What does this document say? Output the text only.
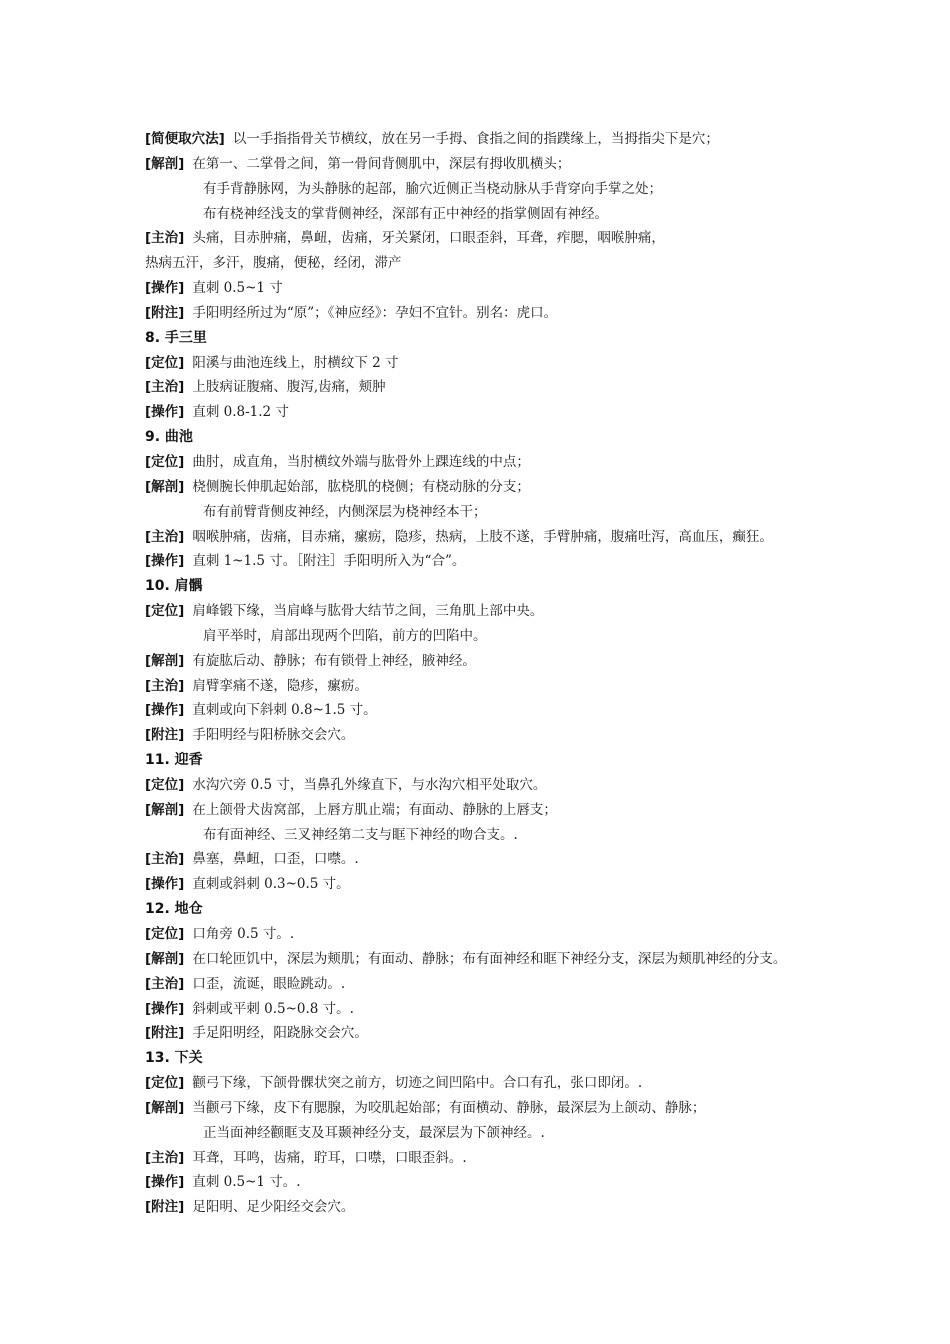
[简便取穴法] 以一手指指骨关节横纹，放在另一手拇、食指之间的指蹼缘上，当拇指尖下是穴；
[解剖] 在第一、二掌骨之间，第一骨间背侧肌中，深层有拇收肌横头；
有手背静脉网，为头静脉的起部，腧穴近侧正当桡动脉从手背穿向手掌之处；
布有桡神经浅支的掌背侧神经，深部有正中神经的指掌侧固有神经。
[主治] 头痛，目赤肿痛，鼻衄，齿痛，牙关紧闭，口眼歪斜，耳聋，痄腮，咽喉肿痛，
热病五汗，多汗，腹痛，便秘，经闭，滞产
[操作] 直刺 0.5~1 寸
[附注] 手阳明经所过为“原”；《神应经》：孕妇不宜针。别名：虎口。
8. 手三里
[定位] 阳溪与曲池连线上，肘横纹下 2 寸
[主治] 上肢病证腹痛、腹泻,齿痛，颊肿
[操作] 直刺 0.8-1.2 寸
9. 曲池
[定位] 曲肘，成直角，当肘横纹外端与肱骨外上踝连线的中点；
[解剖] 桡侧腕长伸肌起始部，肱桡肌的桡侧；有桡动脉的分支；
布有前臂背侧皮神经，内侧深层为桡神经本干；
[主治] 咽喉肿痛，齿痛，目赤痛，瘰疬，隐疹，热病，上肢不遂，手臂肿痛，腹痛吐泻，高血压，癫狂。
[操作] 直刺 1~1.5 寸。［附注］手阳明所入为“合”。
10. 肩髃
[定位] 肩峰锻下缘，当肩峰与肱骨大结节之间，三角肌上部中央。
肩平举时，肩部出现两个凹陷，前方的凹陷中。
[解剖] 有旋肱后动、静脉；布有锁骨上神经，腋神经。
[主治] 肩臂挛痛不遂，隐疹，瘰疬。
[操作] 直刺或向下斜刺 0.8~1.5 寸。
[附注] 手阳明经与阳桥脉交会穴。
11. 迎香
[定位] 水沟穴旁 0.5 寸，当鼻孔外缘直下，与水沟穴相平处取穴。
[解剖] 在上颌骨犬齿窝部，上唇方肌止端；有面动、静脉的上唇支；
布有面神经、三叉神经第二支与眶下神经的吻合支。.
[主治] 鼻塞，鼻衄，口歪，口噤。.
[操作] 直刺或斜刺 0.3~0.5 寸。
12. 地仓
[定位] 口角旁 0.5 寸。.
[解剖] 在口轮匝饥中，深层为颊肌；有面动、静脉；布有面神经和眶下神经分支，深层为颊肌神经的分支。
[主治] 口歪，流诞，眼睑跳动。.
[操作] 斜刺或平刺 0.5~0.8 寸。.
[附注] 手足阳明经，阳跷脉交会穴。
13. 下关
[定位] 颧弓下缘，下颌骨髁状突之前方，切迹之间凹陷中。合口有孔，张口即闭。.
[解剖] 当颧弓下缘，皮下有腮腺，为咬肌起始部；有面横动、静脉，最深层为上颌动、静脉；
正当面神经颧眶支及耳颞神经分支，最深层为下颌神经。.
[主治] 耳聋，耳鸣，齿痛，聍耳，口噤，口眼歪斜。.
[操作] 直刺 0.5~1 寸。.
[附注] 足阳明、足少阳经交会穴。
